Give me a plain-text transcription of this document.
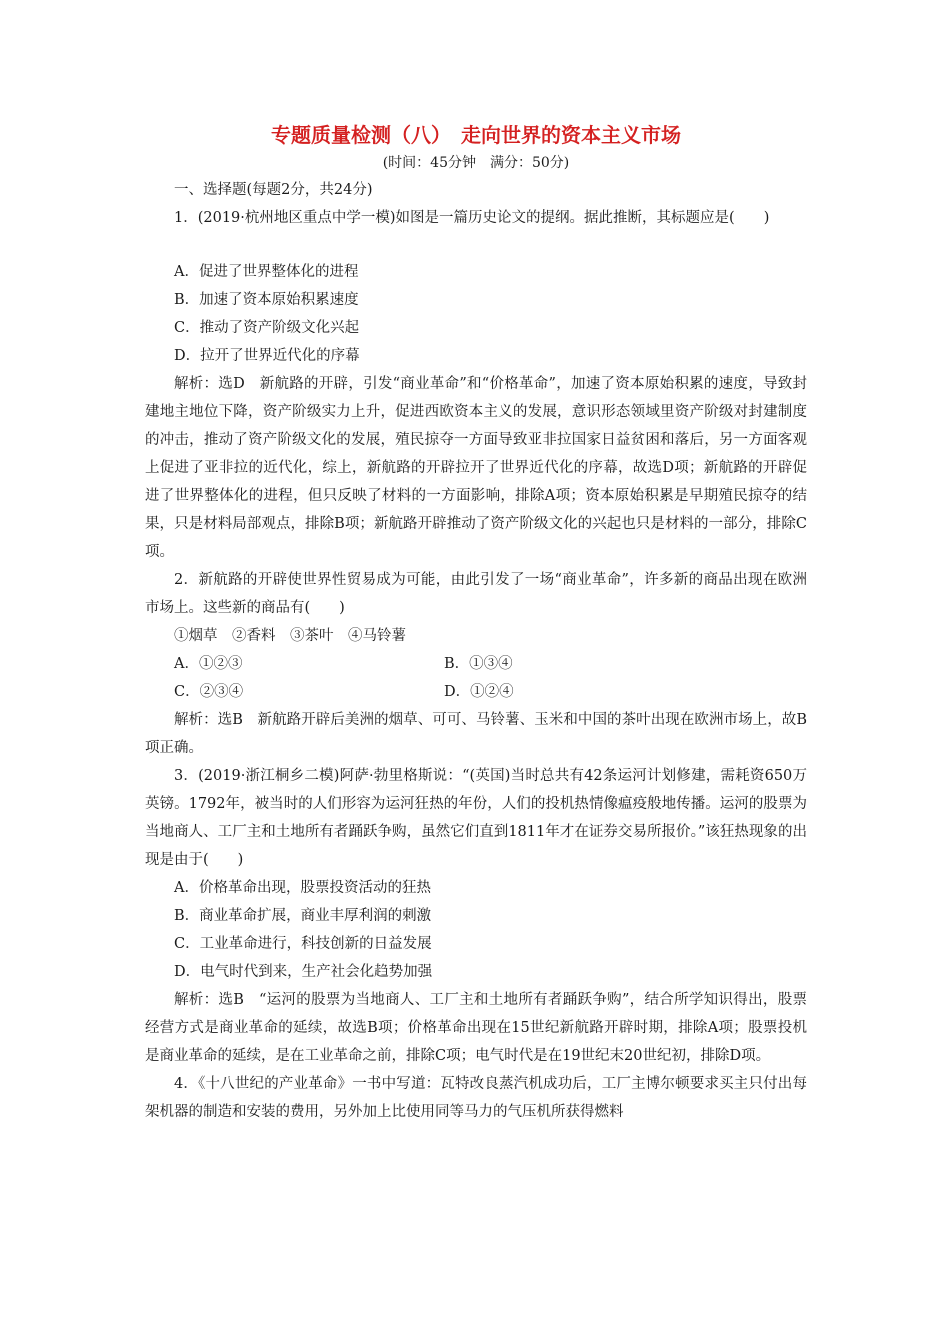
专题质量检测（八）　走向世界的资本主义市场

(时间：45分钟　满分：50分)

一、选择题(每题2分，共24分)

1．(2019·杭州地区重点中学一模)如图是一篇历史论文的提纲。据此推断，其标题应是(　　)

A．促进了世界整体化的进程

B．加速了资本原始积累速度

C．推动了资产阶级文化兴起

D．拉开了世界近代化的序幕

解析：选D　新航路的开辟，引发“商业革命”和“价格革命”，加速了资本原始积累的速度，导致封建地主地位下降，资产阶级实力上升，促进西欧资本主义的发展，意识形态领域里资产阶级对封建制度的冲击，推动了资产阶级文化的发展，殖民掠夺一方面导致亚非拉国家日益贫困和落后，另一方面客观上促进了亚非拉的近代化，综上，新航路的开辟拉开了世界近代化的序幕，故选D项；新航路的开辟促进了世界整体化的进程，但只反映了材料的一方面影响，排除A项；资本原始积累是早期殖民掠夺的结果，只是材料局部观点，排除B项；新航路开辟推动了资产阶级文化的兴起也只是材料的一部分，排除C项。

2．新航路的开辟使世界性贸易成为可能，由此引发了一场“商业革命”，许多新的商品出现在欧洲市场上。这些新的商品有(　　)

①烟草　②香料　③茶叶　④马铃薯

A．①②③	B．①③④
C．②③④	D．①②④

解析：选B　新航路开辟后美洲的烟草、可可、马铃薯、玉米和中国的茶叶出现在欧洲市场上，故B项正确。

3．(2019·浙江桐乡二模)阿萨·勃里格斯说：“(英国)当时总共有42条运河计划修建，需耗资650万英镑。1792年，被当时的人们形容为运河狂热的年份，人们的投机热情像瘟疫般地传播。运河的股票为当地商人、工厂主和土地所有者踊跃争购，虽然它们直到1811年才在证券交易所报价。”该狂热现象的出现是由于(　　)

A．价格革命出现，股票投资活动的狂热

B．商业革命扩展，商业丰厚利润的刺激

C．工业革命进行，科技创新的日益发展

D．电气时代到来，生产社会化趋势加强

解析：选B　“运河的股票为当地商人、工厂主和土地所有者踊跃争购”，结合所学知识得出，股票经营方式是商业革命的延续，故选B项；价格革命出现在15世纪新航路开辟时期，排除A项；股票投机是商业革命的延续，是在工业革命之前，排除C项；电气时代是在19世纪末20世纪初，排除D项。

4．《十八世纪的产业革命》一书中写道：瓦特改良蒸汽机成功后，工厂主博尔顿要求买主只付出每架机器的制造和安装的费用，另外加上比使用同等马力的气压机所获得燃料
